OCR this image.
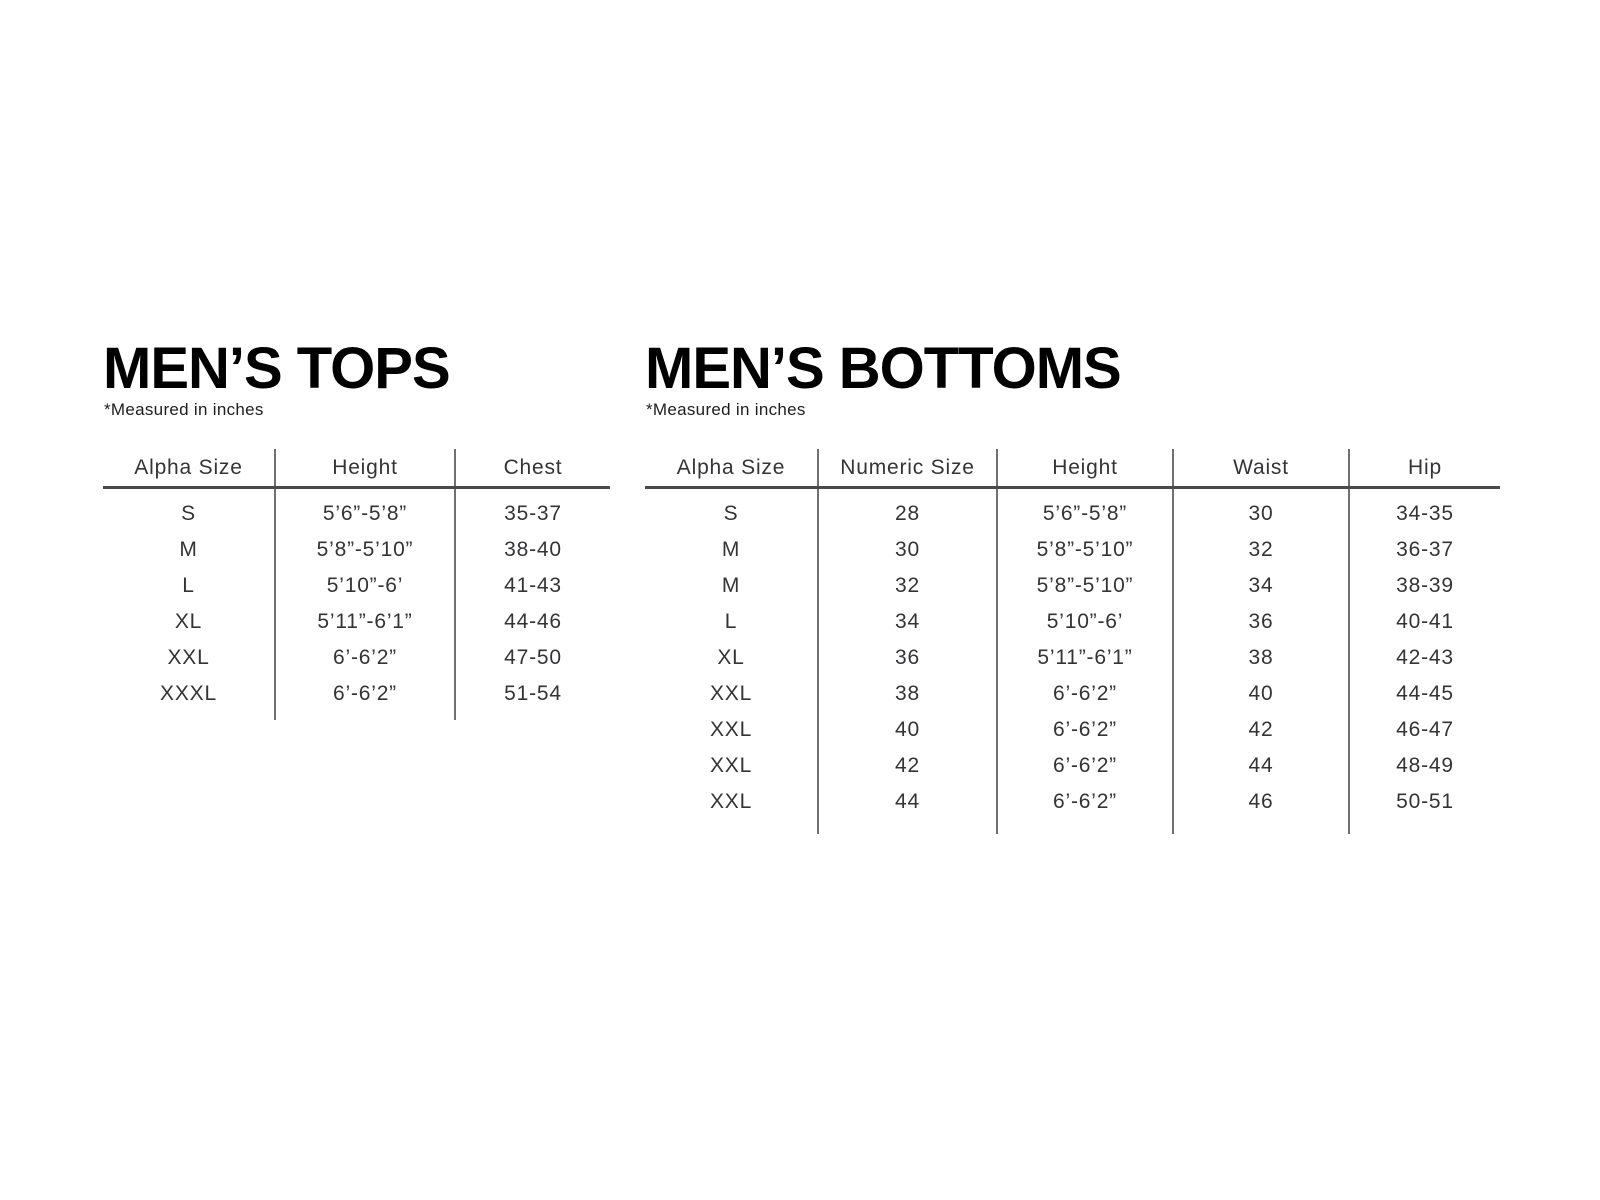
MEN’S TOPS
*Measured in inches
Alpha Size	Height	Chest

S	5’6”-5’8”	35-37
M	5’8”-5’10”	38-40
L	5’10”-6’	41-43
XL	5’11”-6’1”	44-46
XXL	6’-6’2”	47-50
XXXL	6’-6’2”	51-54

MEN’S BOTTOMS
*Measured in inches
Alpha Size	Numeric Size	Height	Waist	Hip

S	28	5’6”-5’8”	30	34-35
M	30	5’8”-5’10”	32	36-37
M	32	5’8”-5’10”	34	38-39
L	34	5’10”-6’	36	40-41
XL	36	5’11”-6’1”	38	42-43
XXL	38	6’-6’2”	40	44-45
XXL	40	6’-6’2”	42	46-47
XXL	42	6’-6’2”	44	48-49
XXL	44	6’-6’2”	46	50-51
